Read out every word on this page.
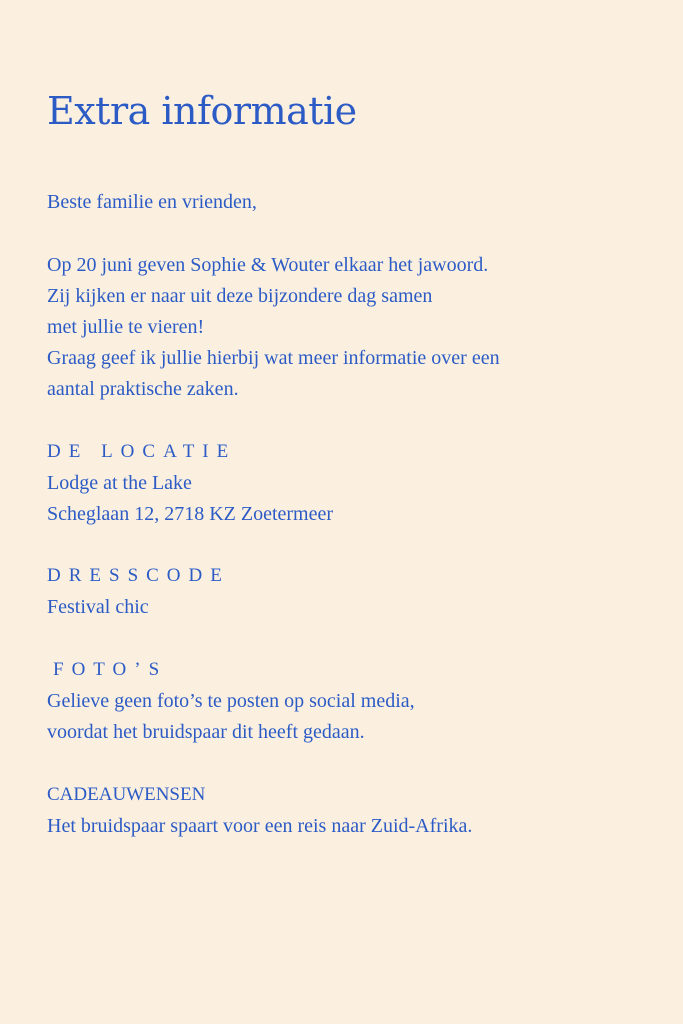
Extra informatie
Beste familie en vrienden,
Op 20 juni geven Sophie & Wouter elkaar het jawoord.
Zij kijken er naar uit deze bijzondere dag samen
met jullie te vieren!
Graag geef ik jullie hierbij wat meer informatie over een
aantal praktische zaken.
DE LOCATIE
Lodge at the Lake
Scheglaan 12, 2718 KZ Zoetermeer
DRESSCODE
Festival chic
FOTO’S
Gelieve geen foto’s te posten op social media,
voordat het bruidspaar dit heeft gedaan.
CADEAUWENSEN
Het bruidspaar spaart voor een reis naar Zuid-Afrika.
